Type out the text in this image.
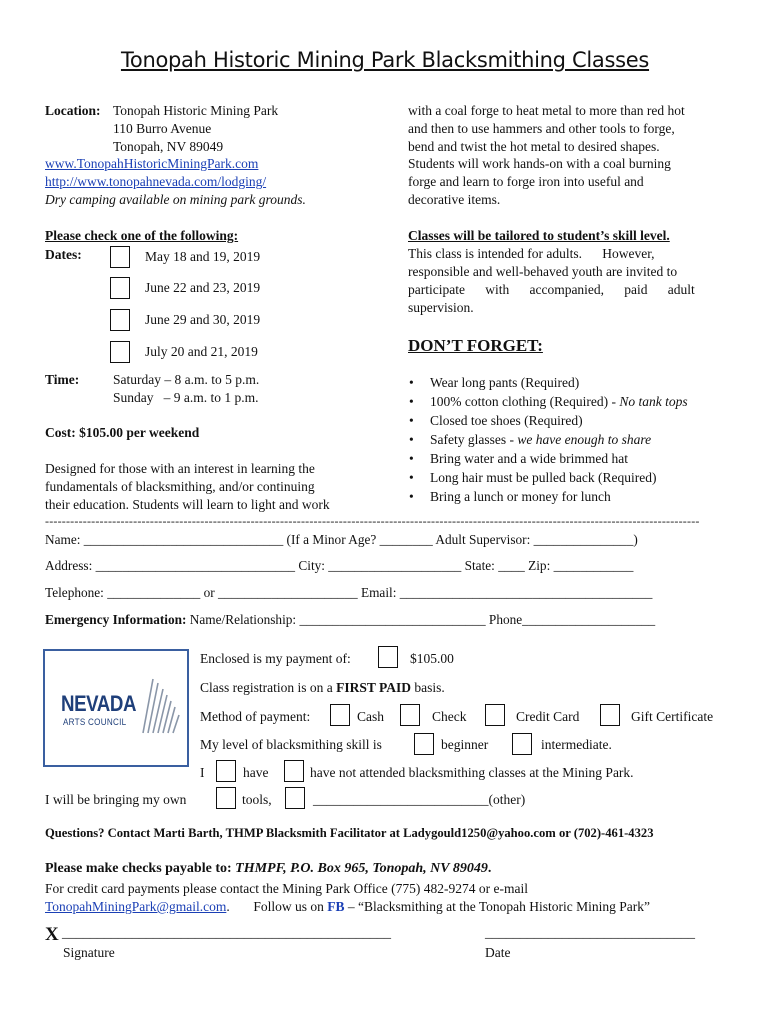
Tonopah Historic Mining Park Blacksmithing Classes
Location: Tonopah Historic Mining Park
110 Burro Avenue
Tonopah, NV 89049
www.TonopahHistoricMiningPark.com
http://www.tonopahnevada.com/lodging/
Dry camping available on mining park grounds.
Please check one of the following:
Dates:	May 18 and 19, 2019
June 22 and 23, 2019
June 29 and 30, 2019
July 20 and 21, 2019
Time:	Saturday – 8 a.m. to 5 p.m.
Sunday   – 9 a.m. to 1 p.m.
Cost: $105.00 per weekend
Designed for those with an interest in learning the
fundamentals of blacksmithing, and/or continuing
their education. Students will learn to light and work
with a coal forge to heat metal to more than red hot
and then to use hammers and other tools to forge,
bend and twist the hot metal to desired shapes.
Students will work hands-on with a coal burning
forge and learn to forge iron into useful and
decorative items.
Classes will be tailored to student’s skill level.
This class is intended for adults.      However,
responsible and well-behaved youth are invited to
participate      with      accompanied,      paid      adult
supervision.
DON’T FORGET:
• Wear long pants (Required)
• 100% cotton clothing (Required) - No tank tops
• Closed toe shoes (Required)
• Safety glasses - we have enough to share
• Bring water and a wide brimmed hat
• Long hair must be pulled back (Required)
• Bring a lunch or money for lunch
------------------------------------------------------------------------------------------------------------------------------------------------------------
Name: ______________________________ (If a Minor Age? ________ Adult Supervisor: _______________)
Address: ______________________________ City: ____________________ State: ____ Zip: ____________
Telephone: ______________ or _____________________ Email: ______________________________________
Emergency Information: Name/Relationship: ____________________________ Phone____________________
NEVADA
ARTS COUNCIL
Enclosed is my payment of:	$105.00
Class registration is on a FIRST PAID basis.
Method of payment:	Cash	Check	Credit Card	Gift Certificate
My level of blacksmithing skill is	beginner	intermediate.
I	have	have not attended blacksmithing classes at the Mining Park.
I will be bringing my own	tools,	__________________________(other)
Questions? Contact Marti Barth, THMP Blacksmith Facilitator at Ladygould1250@yahoo.com or (702)-461-4323
Please make checks payable to: THMPF, P.O. Box 965, Tonopah, NV 89049.
For credit card payments please contact the Mining Park Office (775) 482-9274 or e-mail
TonopahMiningPark@gmail.com.       Follow us on FB – “Blacksmithing at the Tonopah Historic Mining Park”
X _______________________________________________
Signature
______________________________
Date
